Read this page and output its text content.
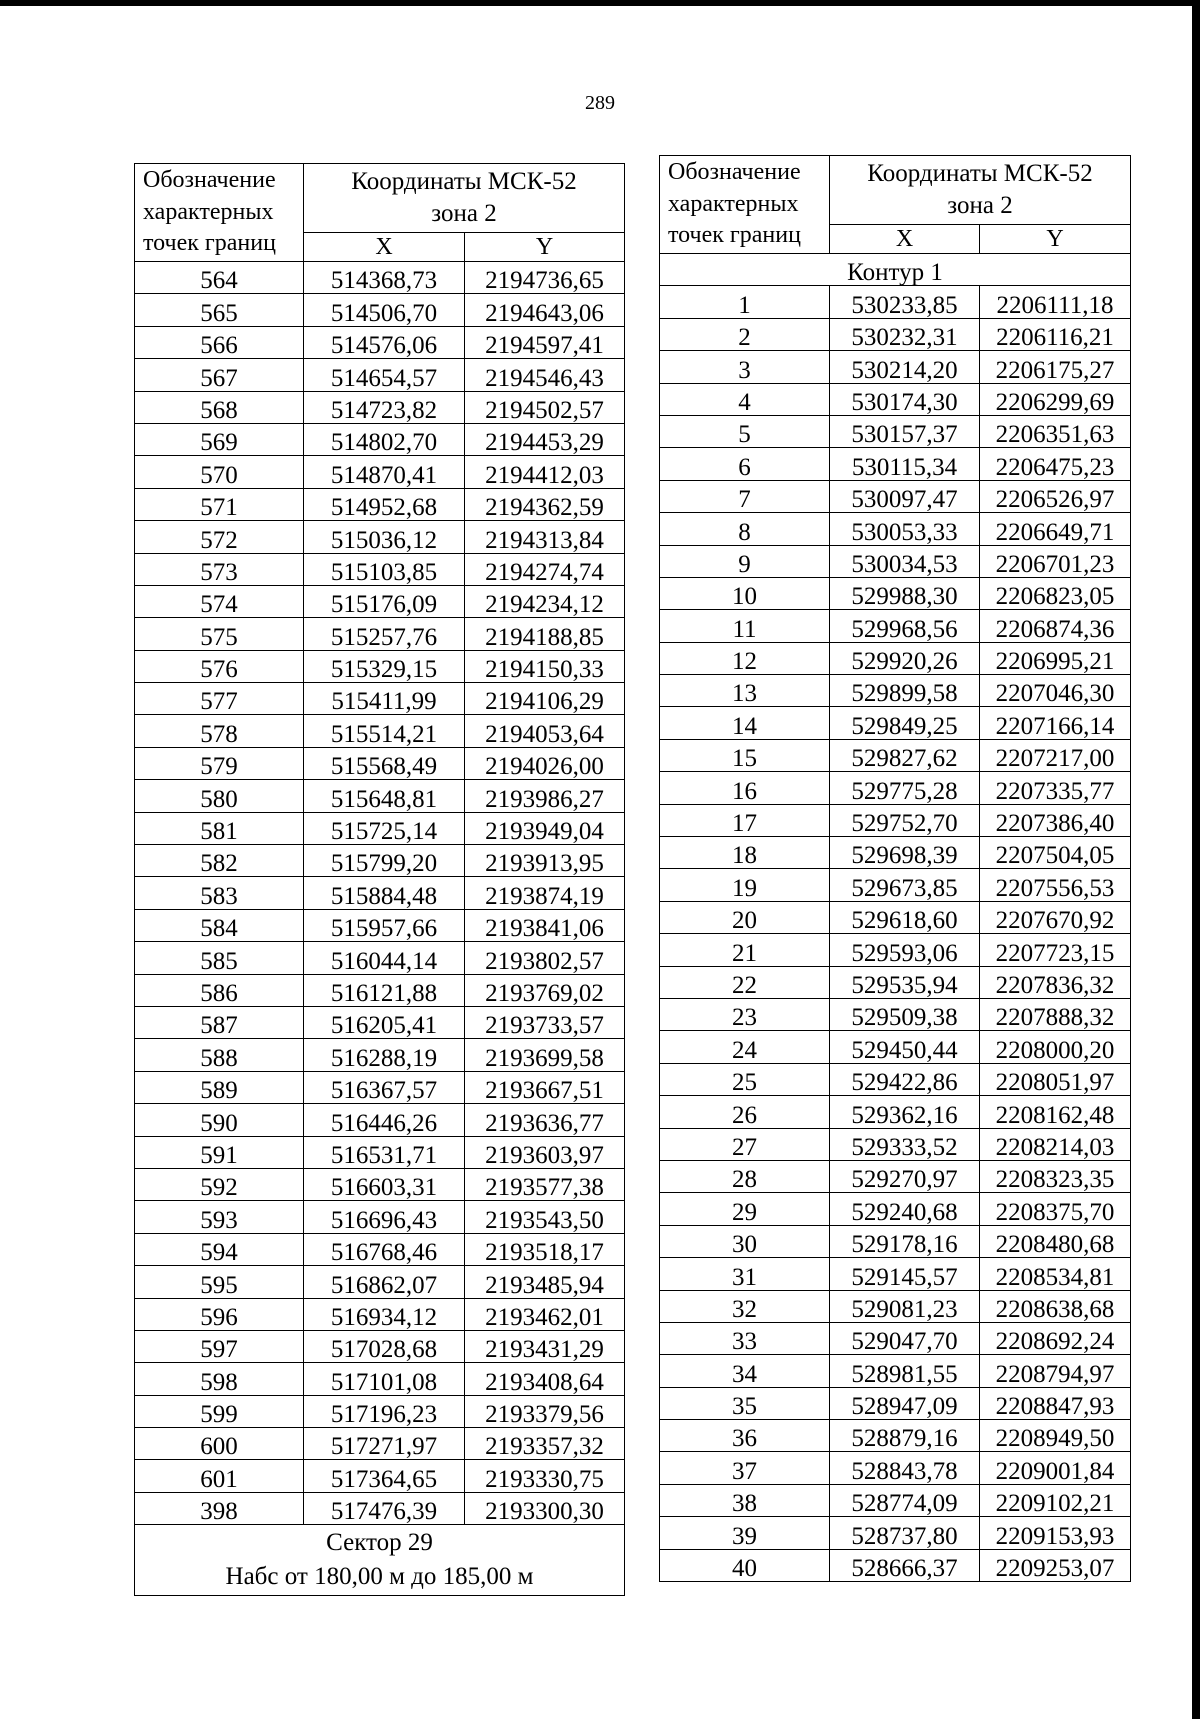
289
Обозначение
характерных
точек границ	Координаты МСК-52
зона 2	
	X	Y
564	514368,73	2194736,65
565	514506,70	2194643,06
566	514576,06	2194597,41
567	514654,57	2194546,43
568	514723,82	2194502,57
569	514802,70	2194453,29
570	514870,41	2194412,03
571	514952,68	2194362,59
572	515036,12	2194313,84
573	515103,85	2194274,74
574	515176,09	2194234,12
575	515257,76	2194188,85
576	515329,15	2194150,33
577	515411,99	2194106,29
578	515514,21	2194053,64
579	515568,49	2194026,00
580	515648,81	2193986,27
581	515725,14	2193949,04
582	515799,20	2193913,95
583	515884,48	2193874,19
584	515957,66	2193841,06
585	516044,14	2193802,57
586	516121,88	2193769,02
587	516205,41	2193733,57
588	516288,19	2193699,58
589	516367,57	2193667,51
590	516446,26	2193636,77
591	516531,71	2193603,97
592	516603,31	2193577,38
593	516696,43	2193543,50
594	516768,46	2193518,17
595	516862,07	2193485,94
596	516934,12	2193462,01
597	517028,68	2193431,29
598	517101,08	2193408,64
599	517196,23	2193379,56
600	517271,97	2193357,32
601	517364,65	2193330,75
398	517476,39	2193300,30
Сектор 29
Набс от 180,00 м до 185,00 м		
Обозначение
характерных
точек границ	Координаты МСК-52
зона 2	
	X	Y
Контур 1		
1	530233,85	2206111,18
2	530232,31	2206116,21
3	530214,20	2206175,27
4	530174,30	2206299,69
5	530157,37	2206351,63
6	530115,34	2206475,23
7	530097,47	2206526,97
8	530053,33	2206649,71
9	530034,53	2206701,23
10	529988,30	2206823,05
11	529968,56	2206874,36
12	529920,26	2206995,21
13	529899,58	2207046,30
14	529849,25	2207166,14
15	529827,62	2207217,00
16	529775,28	2207335,77
17	529752,70	2207386,40
18	529698,39	2207504,05
19	529673,85	2207556,53
20	529618,60	2207670,92
21	529593,06	2207723,15
22	529535,94	2207836,32
23	529509,38	2207888,32
24	529450,44	2208000,20
25	529422,86	2208051,97
26	529362,16	2208162,48
27	529333,52	2208214,03
28	529270,97	2208323,35
29	529240,68	2208375,70
30	529178,16	2208480,68
31	529145,57	2208534,81
32	529081,23	2208638,68
33	529047,70	2208692,24
34	528981,55	2208794,97
35	528947,09	2208847,93
36	528879,16	2208949,50
37	528843,78	2209001,84
38	528774,09	2209102,21
39	528737,80	2209153,93
40	528666,37	2209253,07
